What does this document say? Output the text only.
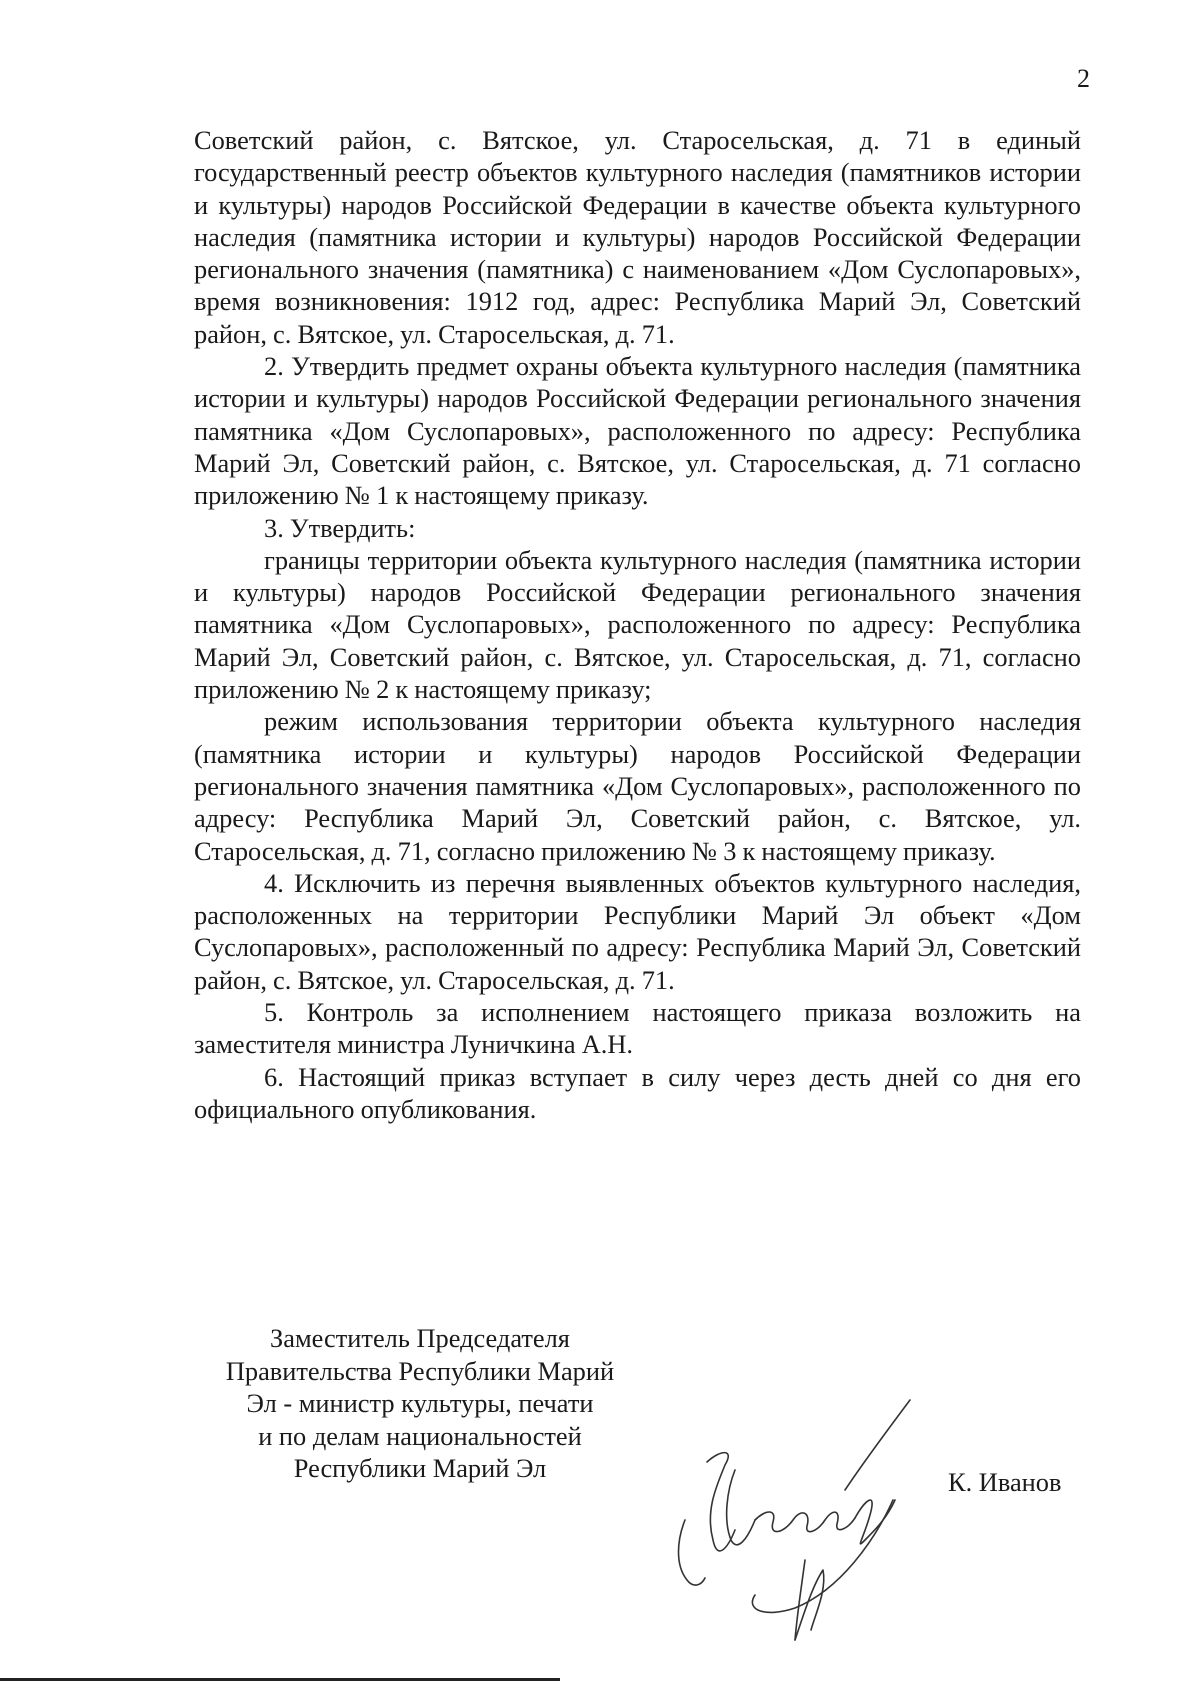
2

Советский район, с. Вятское, ул. Старосельская, д. 71 в единый государственный реестр объектов культурного наследия (памятников истории и культуры) народов Российской Федерации в качестве объекта культурного наследия (памятника истории и культуры) народов Российской Федерации регионального значения (памятника) с наименованием «Дом Суслопаровых», время возникновения: 1912 год, адрес: Республика Марий Эл, Советский район, с. Вятское, ул. Старосельская, д. 71.

2. Утвердить предмет охраны объекта культурного наследия (памятника истории и культуры) народов Российской Федерации регионального значения памятника «Дом Суслопаровых», расположенного по адресу: Республика Марий Эл, Советский район, с. Вятское, ул. Старосельская, д. 71 согласно приложению № 1 к настоящему приказу.

3. Утвердить:

границы территории объекта культурного наследия (памятника истории и культуры) народов Российской Федерации регионального значения памятника «Дом Суслопаровых», расположенного по адресу: Республика Марий Эл, Советский район, с. Вятское, ул. Старосельская, д. 71, согласно приложению № 2 к настоящему приказу;

режим использования территории объекта культурного наследия (памятника истории и культуры) народов Российской Федерации регионального значения памятника «Дом Суслопаровых», расположенного по адресу: Республика Марий Эл, Советский район, с. Вятское, ул. Старосельская, д. 71, согласно приложению № 3 к настоящему приказу.

4. Исключить из перечня выявленных объектов культурного наследия, расположенных на территории Республики Марий Эл объект «Дом Суслопаровых», расположенный по адресу: Республика Марий Эл, Советский район, с. Вятское, ул. Старосельская, д. 71.

5. Контроль за исполнением настоящего приказа возложить на заместителя министра Луничкина А.Н.

6. Настоящий приказ вступает в силу через десть дней со дня его официального опубликования.

Заместитель Председателя
Правительства Республики Марий
Эл - министр культуры, печати
и по делам национальностей
Республики Марий Эл	К. Иванов
